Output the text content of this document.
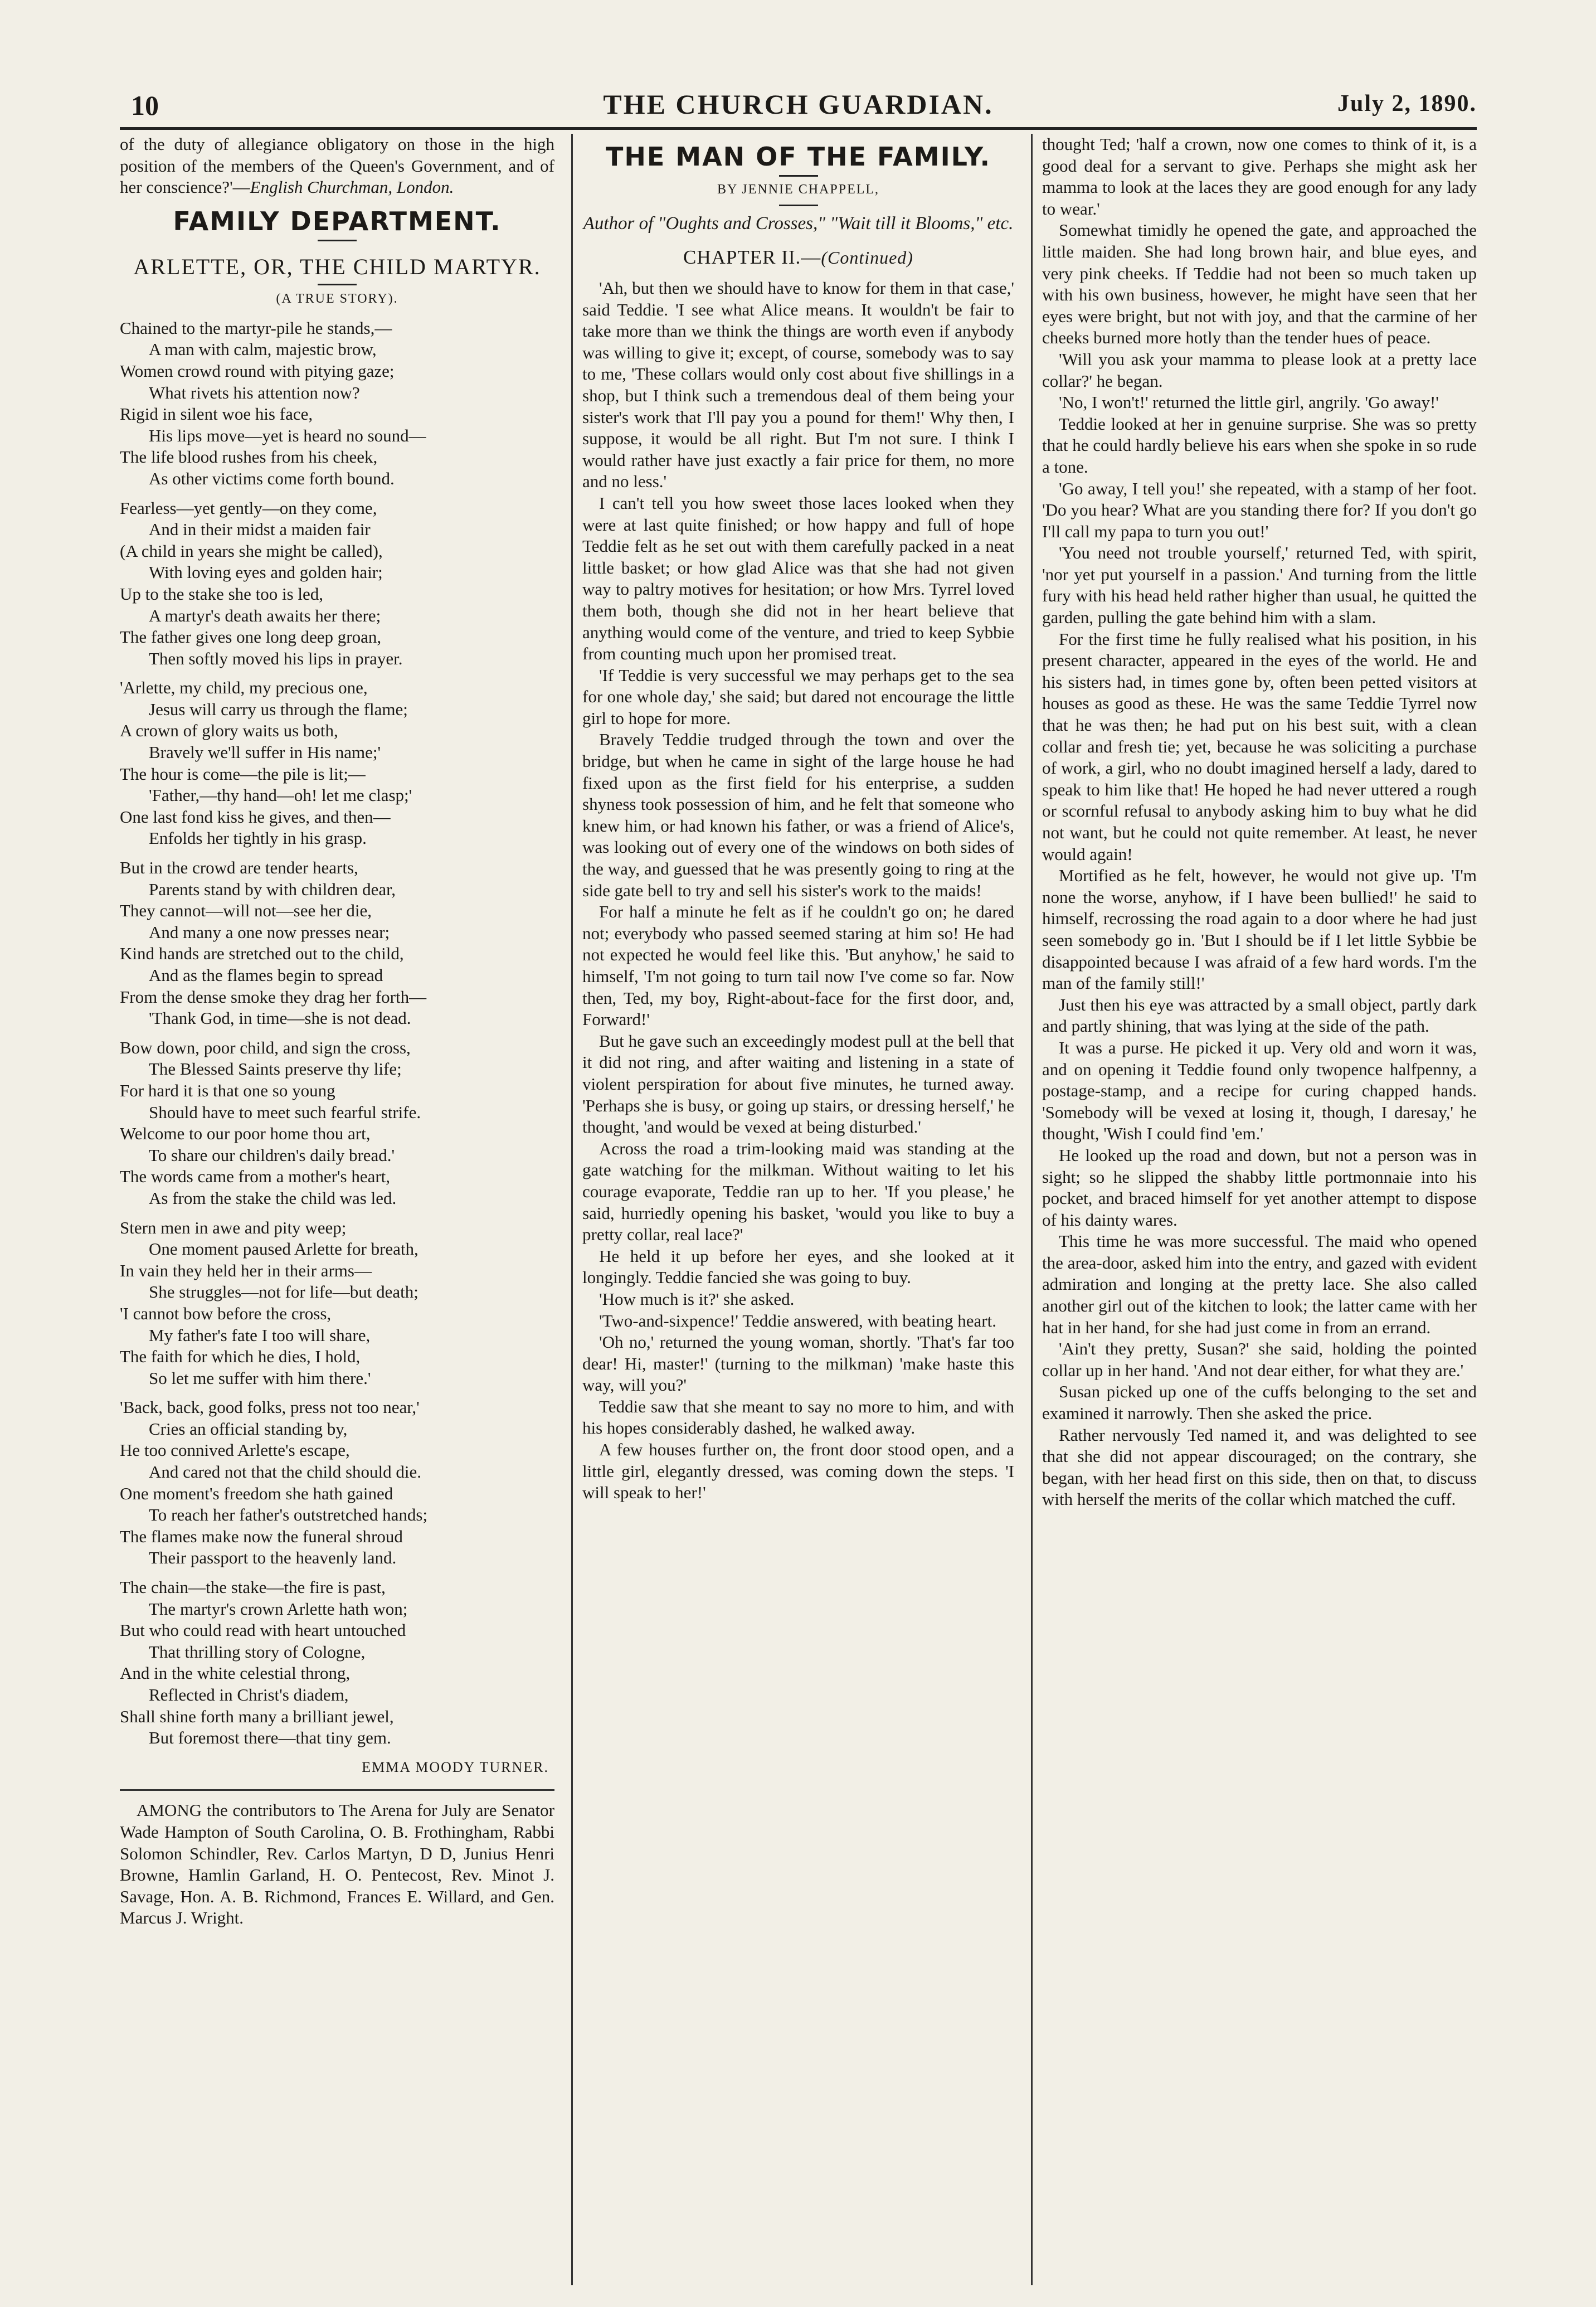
10	THE CHURCH GUARDIAN.	July 2, 1890.

of the duty of allegiance obligatory on those in the high position of the members of the Queen's Government, and of her conscience?'—English Churchman, London.

FAMILY DEPARTMENT.
ARLETTE, OR, THE CHILD MARTYR.
(A TRUE STORY).

Chained to the martyr-pile he stands,—

A man with calm, majestic brow,

Women crowd round with pitying gaze;

What rivets his attention now?

Rigid in silent woe his face,

His lips move—yet is heard no sound—

The life blood rushes from his cheek,

As other victims come forth bound.

Fearless—yet gently—on they come,

And in their midst a maiden fair

(A child in years she might be called),

With loving eyes and golden hair;

Up to the stake she too is led,

A martyr's death awaits her there;

The father gives one long deep groan,

Then softly moved his lips in prayer.

'Arlette, my child, my precious one,

Jesus will carry us through the flame;

A crown of glory waits us both,

Bravely we'll suffer in His name;'

The hour is come—the pile is lit;—

'Father,—thy hand—oh! let me clasp;'

One last fond kiss he gives, and then—

Enfolds her tightly in his grasp.

But in the crowd are tender hearts,

Parents stand by with children dear,

They cannot—will not—see her die,

And many a one now presses near;

Kind hands are stretched out to the child,

And as the flames begin to spread

From the dense smoke they drag her forth—

'Thank God, in time—she is not dead.

Bow down, poor child, and sign the cross,

The Blessed Saints preserve thy life;

For hard it is that one so young

Should have to meet such fearful strife.

Welcome to our poor home thou art,

To share our children's daily bread.'

The words came from a mother's heart,

As from the stake the child was led.

Stern men in awe and pity weep;

One moment paused Arlette for breath,

In vain they held her in their arms—

She struggles—not for life—but death;

'I cannot bow before the cross,

My father's fate I too will share,

The faith for which he dies, I hold,

So let me suffer with him there.'

'Back, back, good folks, press not too near,'

Cries an official standing by,

He too connived Arlette's escape,

And cared not that the child should die.

One moment's freedom she hath gained

To reach her father's outstretched hands;

The flames make now the funeral shroud

Their passport to the heavenly land.

The chain—the stake—the fire is past,

The martyr's crown Arlette hath won;

But who could read with heart untouched

That thrilling story of Cologne,

And in the white celestial throng,

Reflected in Christ's diadem,

Shall shine forth many a brilliant jewel,

But foremost there—that tiny gem.

EMMA MOODY TURNER.

AMONG the contributors to The Arena for July are Senator Wade Hampton of South Carolina, O. B. Frothingham, Rabbi Solomon Schindler, Rev. Carlos Martyn, D D, Junius Henri Browne, Hamlin Garland, H. O. Pentecost, Rev. Minot J. Savage, Hon. A. B. Richmond, Frances E. Willard, and Gen. Marcus J. Wright.

THE MAN OF THE FAMILY.
BY JENNIE CHAPPELL,
Author of "Oughts and Crosses," "Wait till it Blooms," etc.
CHAPTER II.—(Continued)

'Ah, but then we should have to know for them in that case,' said Teddie. 'I see what Alice means. It wouldn't be fair to take more than we think the things are worth even if anybody was willing to give it; except, of course, somebody was to say to me, 'These collars would only cost about five shillings in a shop, but I think such a tremendous deal of them being your sister's work that I'll pay you a pound for them!' Why then, I suppose, it would be all right. But I'm not sure. I think I would rather have just exactly a fair price for them, no more and no less.'

I can't tell you how sweet those laces looked when they were at last quite finished; or how happy and full of hope Teddie felt as he set out with them carefully packed in a neat little basket; or how glad Alice was that she had not given way to paltry motives for hesitation; or how Mrs. Tyrrel loved them both, though she did not in her heart believe that anything would come of the venture, and tried to keep Sybbie from counting much upon her promised treat.

'If Teddie is very successful we may perhaps get to the sea for one whole day,' she said; but dared not encourage the little girl to hope for more.

Bravely Teddie trudged through the town and over the bridge, but when he came in sight of the large house he had fixed upon as the first field for his enterprise, a sudden shyness took possession of him, and he felt that someone who knew him, or had known his father, or was a friend of Alice's, was looking out of every one of the windows on both sides of the way, and guessed that he was presently going to ring at the side gate bell to try and sell his sister's work to the maids!

For half a minute he felt as if he couldn't go on; he dared not; everybody who passed seemed staring at him so! He had not expected he would feel like this. 'But anyhow,' he said to himself, 'I'm not going to turn tail now I've come so far. Now then, Ted, my boy, Right-about-face for the first door, and, Forward!'

But he gave such an exceedingly modest pull at the bell that it did not ring, and after waiting and listening in a state of violent perspiration for about five minutes, he turned away. 'Perhaps she is busy, or going up stairs, or dressing herself,' he thought, 'and would be vexed at being disturbed.'

Across the road a trim-looking maid was standing at the gate watching for the milkman. Without waiting to let his courage evaporate, Teddie ran up to her. 'If you please,' he said, hurriedly opening his basket, 'would you like to buy a pretty collar, real lace?'

He held it up before her eyes, and she looked at it longingly. Teddie fancied she was going to buy.

'How much is it?' she asked.

'Two-and-sixpence!' Teddie answered, with beating heart.

'Oh no,' returned the young woman, shortly. 'That's far too dear! Hi, master!' (turning to the milkman) 'make haste this way, will you?'

Teddie saw that she meant to say no more to him, and with his hopes considerably dashed, he walked away.

A few houses further on, the front door stood open, and a little girl, elegantly dressed, was coming down the steps. 'I will speak to her!'

thought Ted; 'half a crown, now one comes to think of it, is a good deal for a servant to give. Perhaps she might ask her mamma to look at the laces they are good enough for any lady to wear.'

Somewhat timidly he opened the gate, and approached the little maiden. She had long brown hair, and blue eyes, and very pink cheeks. If Teddie had not been so much taken up with his own business, however, he might have seen that her eyes were bright, but not with joy, and that the carmine of her cheeks burned more hotly than the tender hues of peace.

'Will you ask your mamma to please look at a pretty lace collar?' he began.

'No, I won't!' returned the little girl, angrily. 'Go away!'

Teddie looked at her in genuine surprise. She was so pretty that he could hardly believe his ears when she spoke in so rude a tone.

'Go away, I tell you!' she repeated, with a stamp of her foot. 'Do you hear? What are you standing there for? If you don't go I'll call my papa to turn you out!'

'You need not trouble yourself,' returned Ted, with spirit, 'nor yet put yourself in a passion.' And turning from the little fury with his head held rather higher than usual, he quitted the garden, pulling the gate behind him with a slam.

For the first time he fully realised what his position, in his present character, appeared in the eyes of the world. He and his sisters had, in times gone by, often been petted visitors at houses as good as these. He was the same Teddie Tyrrel now that he was then; he had put on his best suit, with a clean collar and fresh tie; yet, because he was soliciting a purchase of work, a girl, who no doubt imagined herself a lady, dared to speak to him like that! He hoped he had never uttered a rough or scornful refusal to anybody asking him to buy what he did not want, but he could not quite remember. At least, he never would again!

Mortified as he felt, however, he would not give up. 'I'm none the worse, anyhow, if I have been bullied!' he said to himself, recrossing the road again to a door where he had just seen somebody go in. 'But I should be if I let little Sybbie be disappointed because I was afraid of a few hard words. I'm the man of the family still!'

Just then his eye was attracted by a small object, partly dark and partly shining, that was lying at the side of the path.

It was a purse. He picked it up. Very old and worn it was, and on opening it Teddie found only twopence halfpenny, a postage-stamp, and a recipe for curing chapped hands. 'Somebody will be vexed at losing it, though, I daresay,' he thought, 'Wish I could find 'em.'

He looked up the road and down, but not a person was in sight; so he slipped the shabby little portmonnaie into his pocket, and braced himself for yet another attempt to dispose of his dainty wares.

This time he was more successful. The maid who opened the area-door, asked him into the entry, and gazed with evident admiration and longing at the pretty lace. She also called another girl out of the kitchen to look; the latter came with her hat in her hand, for she had just come in from an errand.

'Ain't they pretty, Susan?' she said, holding the pointed collar up in her hand. 'And not dear either, for what they are.'

Susan picked up one of the cuffs belonging to the set and examined it narrowly. Then she asked the price.

Rather nervously Ted named it, and was delighted to see that she did not appear discouraged; on the contrary, she began, with her head first on this side, then on that, to discuss with herself the merits of the collar which matched the cuff.
